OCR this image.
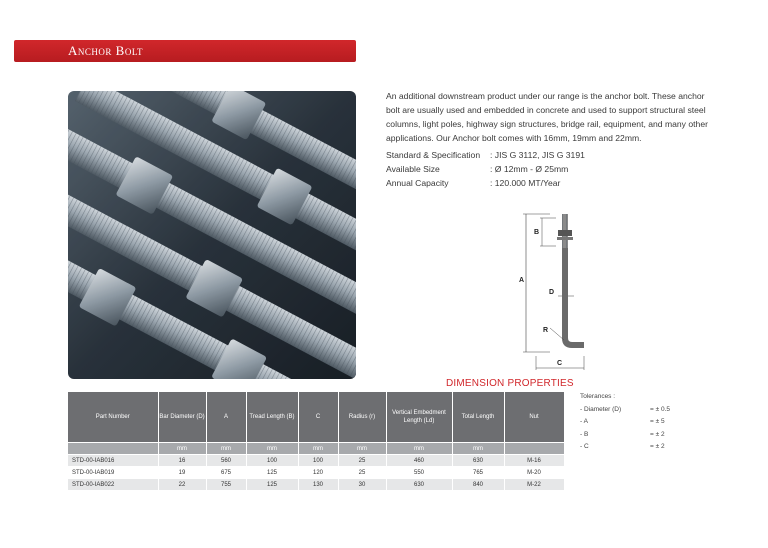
Anchor Bolt
An additional downstream product under our range is the anchor bolt. These anchor bolt are usually used and embedded in concrete and used to support structural steel columns, light poles, highway sign structures, bridge rail, equipment, and many other applications. Our Anchor bolt comes with 16mm, 19mm and 22mm.
Standard & Specification	: JIS G 3112, JIS G 3191
Available Size	: Ø 12mm - Ø 25mm
Annual Capacity	: 120.000 MT/Year
A
B
D
R
C
DIMENSION PROPERTIES
Part Number	Bar Diameter (D)	A	Tread Length (B)	C	Radius (r)	Vertical Embedment Length (Ld)	Total Length	Nut
	mm	mm	mm	mm	mm	mm	mm	
STD-00-IAB016	16	560	100	100	25	460	630	M-16
STD-00-IAB019	19	675	125	120	25	550	765	M-20
STD-00-IAB022	22	755	125	130	30	630	840	M-22
Tolerances :
- Diameter (D)	= ± 0.5
- A	= ± 5
- B	= ± 2
- C	= ± 2
